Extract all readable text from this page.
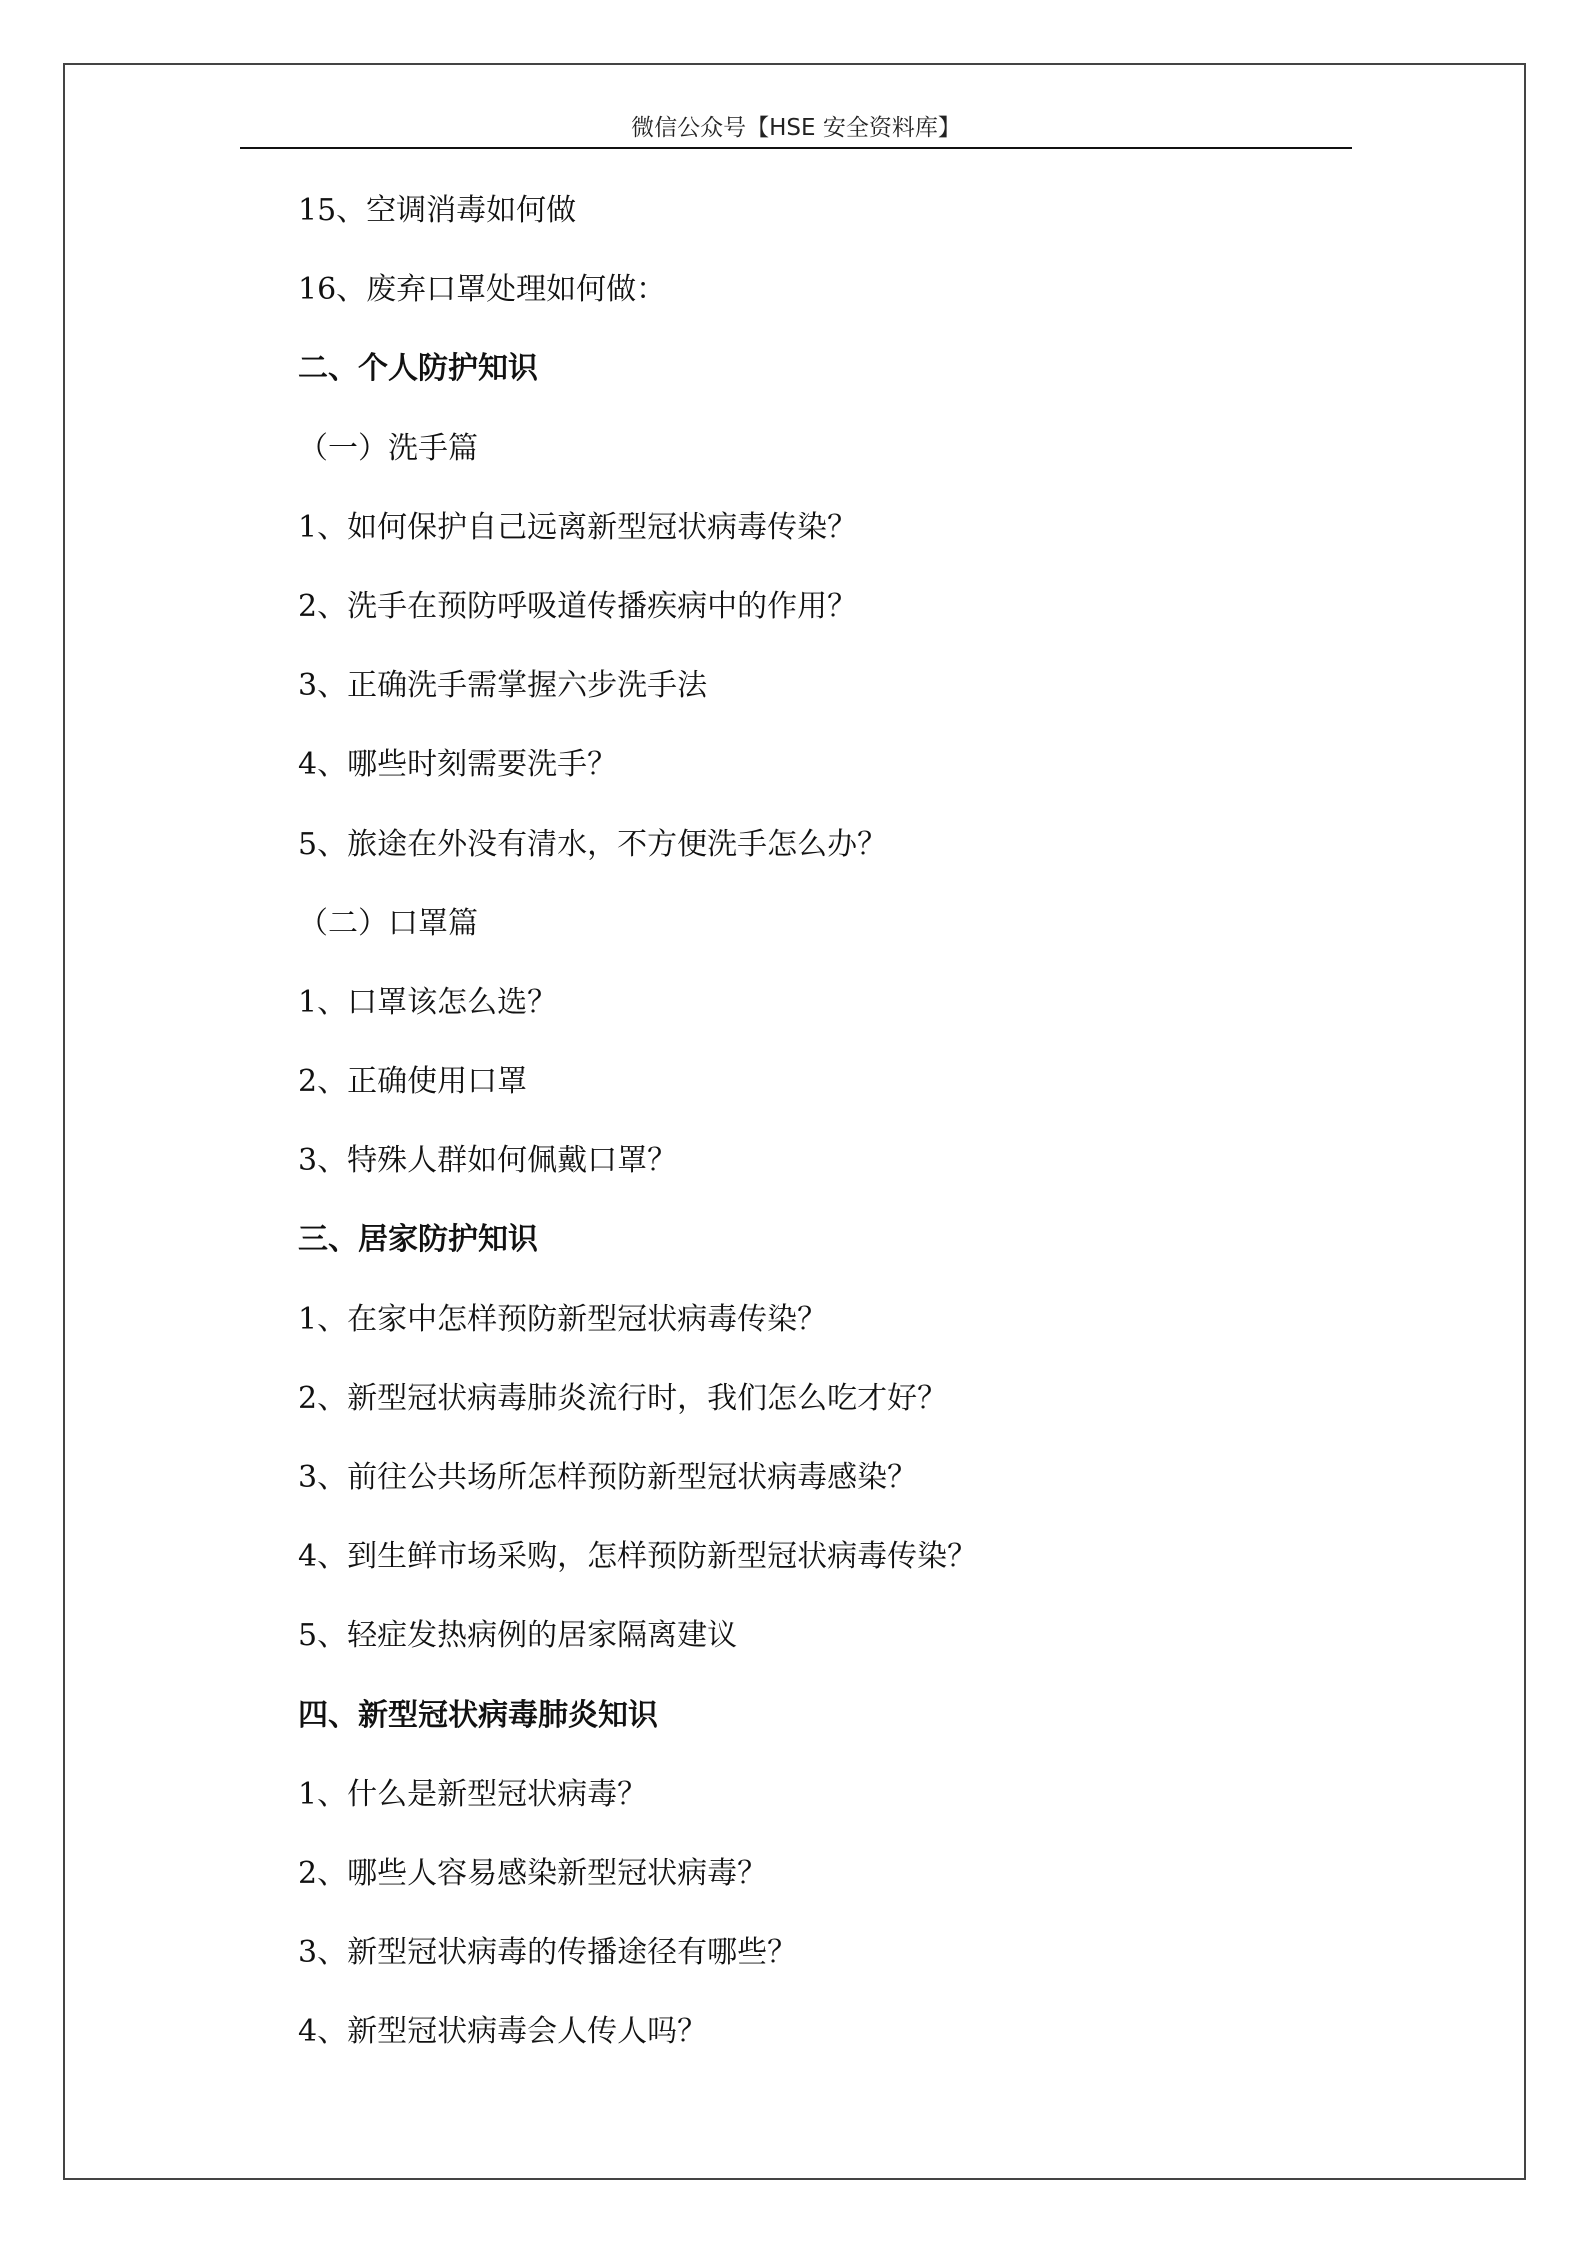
微信公众号【HSE 安全资料库】
15、空调消毒如何做
16、废弃口罩处理如何做：
二、个人防护知识
（一）洗手篇
1、如何保护自己远离新型冠状病毒传染？
2、洗手在预防呼吸道传播疾病中的作用？
3、正确洗手需掌握六步洗手法
4、哪些时刻需要洗手？
5、旅途在外没有清水，不方便洗手怎么办？
（二）口罩篇
1、口罩该怎么选？
2、正确使用口罩
3、特殊人群如何佩戴口罩？
三、居家防护知识
1、在家中怎样预防新型冠状病毒传染？
2、新型冠状病毒肺炎流行时，我们怎么吃才好？
3、前往公共场所怎样预防新型冠状病毒感染？
4、到生鲜市场采购，怎样预防新型冠状病毒传染？
5、轻症发热病例的居家隔离建议
四、新型冠状病毒肺炎知识
1、什么是新型冠状病毒？
2、哪些人容易感染新型冠状病毒？
3、新型冠状病毒的传播途径有哪些？
4、新型冠状病毒会人传人吗？
